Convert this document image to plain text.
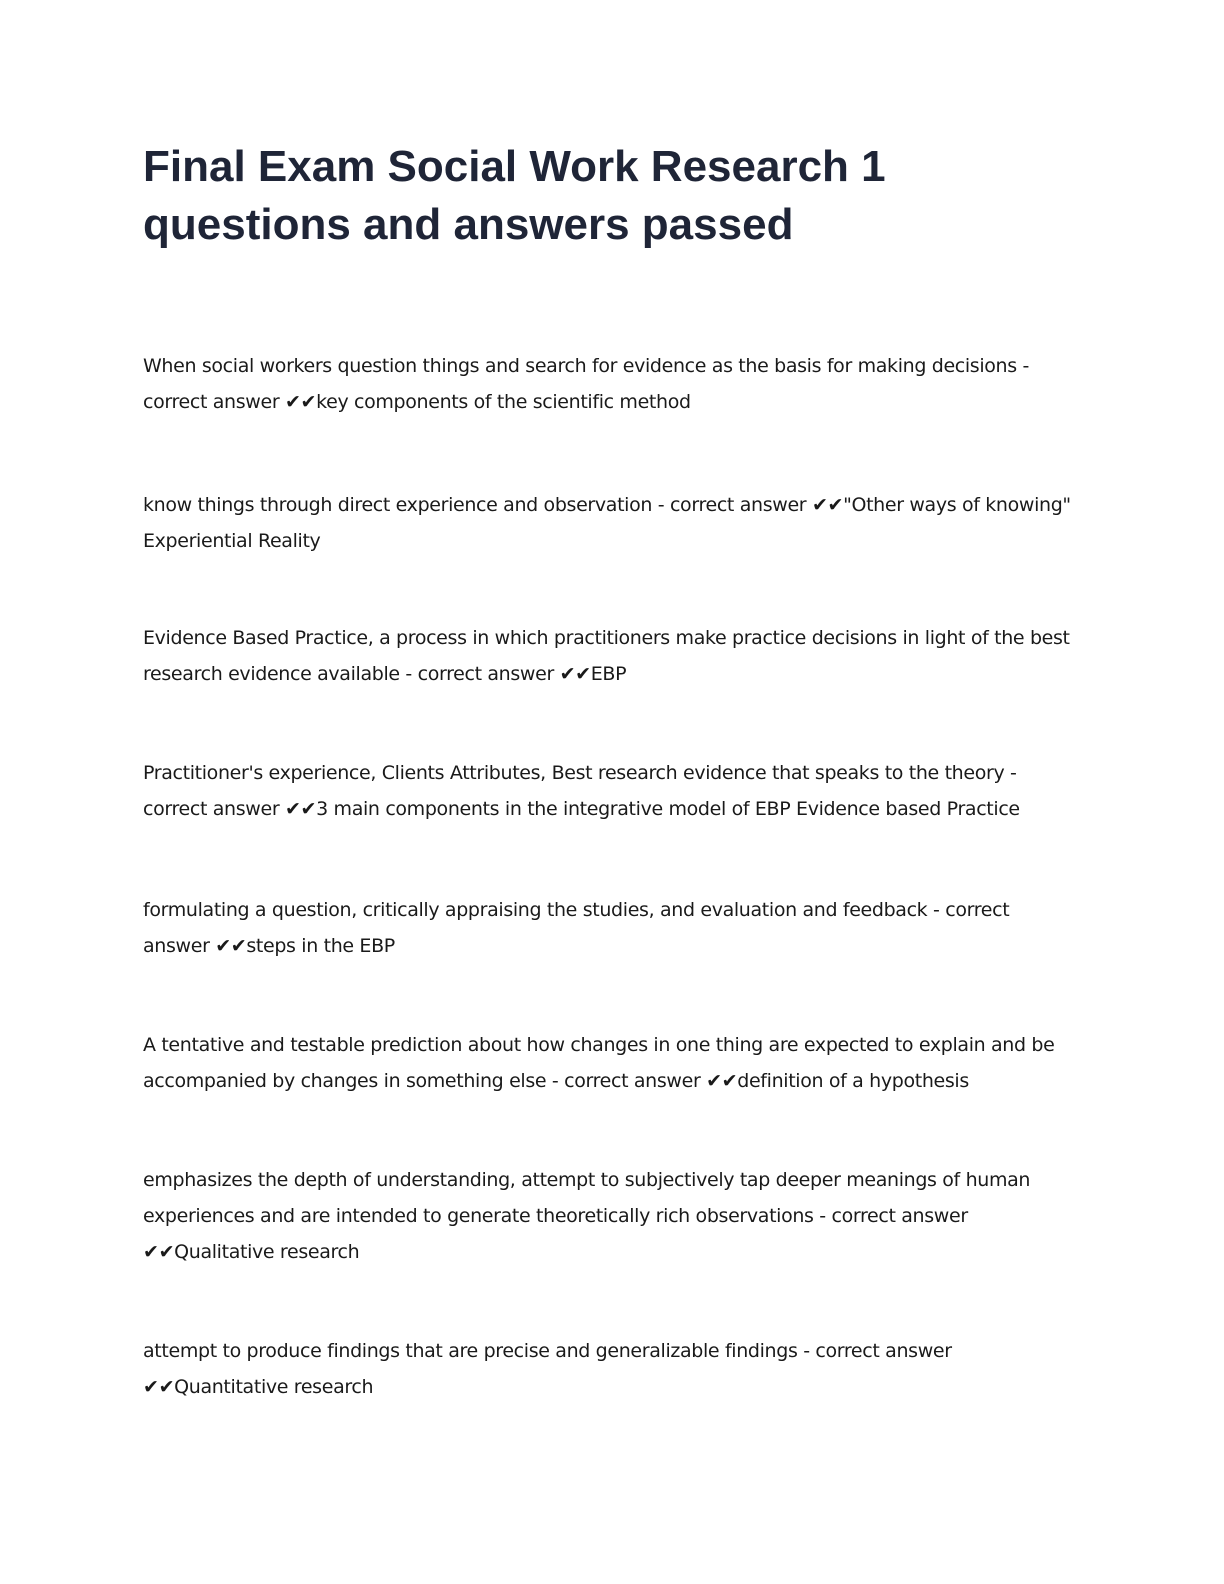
Final Exam Social Work Research 1 questions and answers passed

When social workers question things and search for evidence as the basis for making decisions - correct answer ✔✔key components of the scientific method

know things through direct experience and observation - correct answer ✔✔"Other ways of knowing" Experiential Reality

Evidence Based Practice, a process in which practitioners make practice decisions in light of the best research evidence available - correct answer ✔✔EBP

Practitioner's experience, Clients Attributes, Best research evidence that speaks to the theory - correct answer ✔✔3 main components in the integrative model of EBP Evidence based Practice

formulating a question, critically appraising the studies, and evaluation and feedback - correct answer ✔✔steps in the EBP

A tentative and testable prediction about how changes in one thing are expected to explain and be accompanied by changes in something else - correct answer ✔✔definition of a hypothesis

emphasizes the depth of understanding, attempt to subjectively tap deeper meanings of human experiences and are intended to generate theoretically rich observations - correct answer ✔✔Qualitative research

attempt to produce findings that are precise and generalizable findings - correct answer ✔✔Quantitative research
